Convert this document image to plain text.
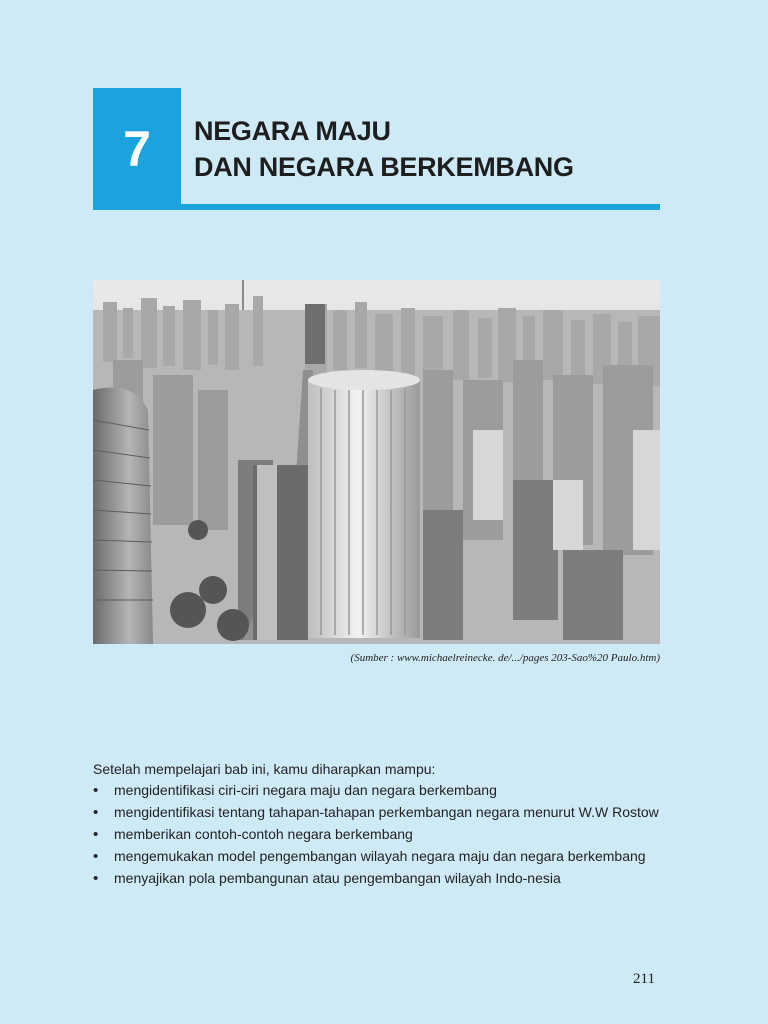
7 NEGARA MAJU
DAN NEGARA BERKEMBANG
(Sumber : www.michaelreinecke. de/.../pages 203-Sao%20 Paulo.htm)
Setelah mempelajari bab ini, kamu diharapkan mampu:
• mengidentifikasi ciri-ciri negara maju dan negara berkembang
• mengidentifikasi tentang tahapan-tahapan perkembangan negara menurut W.W Rostow
• memberikan contoh-contoh negara berkembang
• mengemukakan model pengembangan wilayah negara maju dan negara berkembang
• menyajikan pola pembangunan atau pengembangan wilayah Indo-nesia
211
